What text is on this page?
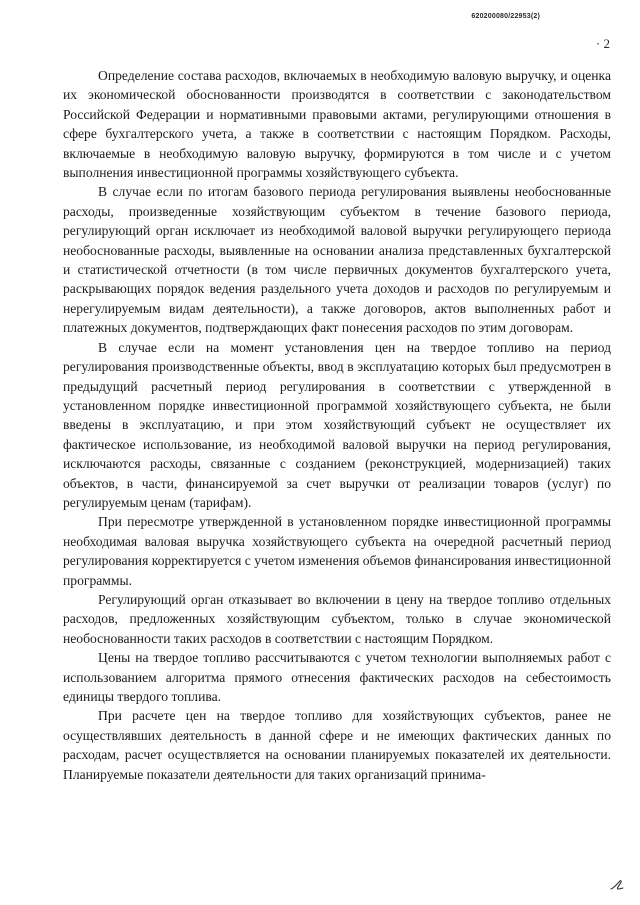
620200080/22953(2)
· 2

Определение состава расходов, включаемых в необходимую валовую выручку, и оценка их экономической обоснованности производятся в соответствии с законодательством Российской Федерации и нормативными правовыми актами, регулирующими отношения в сфере бухгалтерского учета, а также в соответствии с настоящим Порядком. Расходы, включаемые в необходимую валовую выручку, формируются в том числе и с учетом выполнения инвестиционной программы хозяйствующего субъекта.

В случае если по итогам базового периода регулирования выявлены необоснованные расходы, произведенные хозяйствующим субъектом в течение базового периода, регулирующий орган исключает из необходимой валовой выручки регулирующего периода необоснованные расходы, выявленные на основании анализа представленных бухгалтерской и статистической отчетности (в том числе первичных документов бухгалтерского учета, раскрывающих порядок ведения раздельного учета доходов и расходов по регулируемым и нерегулируемым видам деятельности), а также договоров, актов выполненных работ и платежных документов, подтверждающих факт понесения расходов по этим договорам.

В случае если на момент установления цен на твердое топливо на период регулирования производственные объекты, ввод в эксплуатацию которых был предусмотрен в предыдущий расчетный период регулирования в соответствии с утвержденной в установленном порядке инвестиционной программой хозяйствующего субъекта, не были введены в эксплуатацию, и при этом хозяйствующий субъект не осуществляет их фактическое использование, из необходимой валовой выручки на период регулирования, исключаются расходы, связанные с созданием (реконструкцией, модернизацией) таких объектов, в части, финансируемой за счет выручки от реализации товаров (услуг) по регулируемым ценам (тарифам).

При пересмотре утвержденной в установленном порядке инвестиционной программы необходимая валовая выручка хозяйствующего субъекта на очередной расчетный период регулирования корректируется с учетом изменения объемов финансирования инвестиционной программы.

Регулирующий орган отказывает во включении в цену на твердое топливо отдельных расходов, предложенных хозяйствующим субъектом, только в случае экономической необоснованности таких расходов в соответствии с настоящим Порядком.

Цены на твердое топливо рассчитываются с учетом технологии выполняемых работ с использованием алгоритма прямого отнесения фактических расходов на себестоимость единицы твердого топлива.

При расчете цен на твердое топливо для хозяйствующих субъектов, ранее не осуществлявших деятельность в данной сфере и не имеющих фактических данных по расходам, расчет осуществляется на основании планируемых показателей их деятельности. Планируемые показатели деятельности для таких организаций принима-
